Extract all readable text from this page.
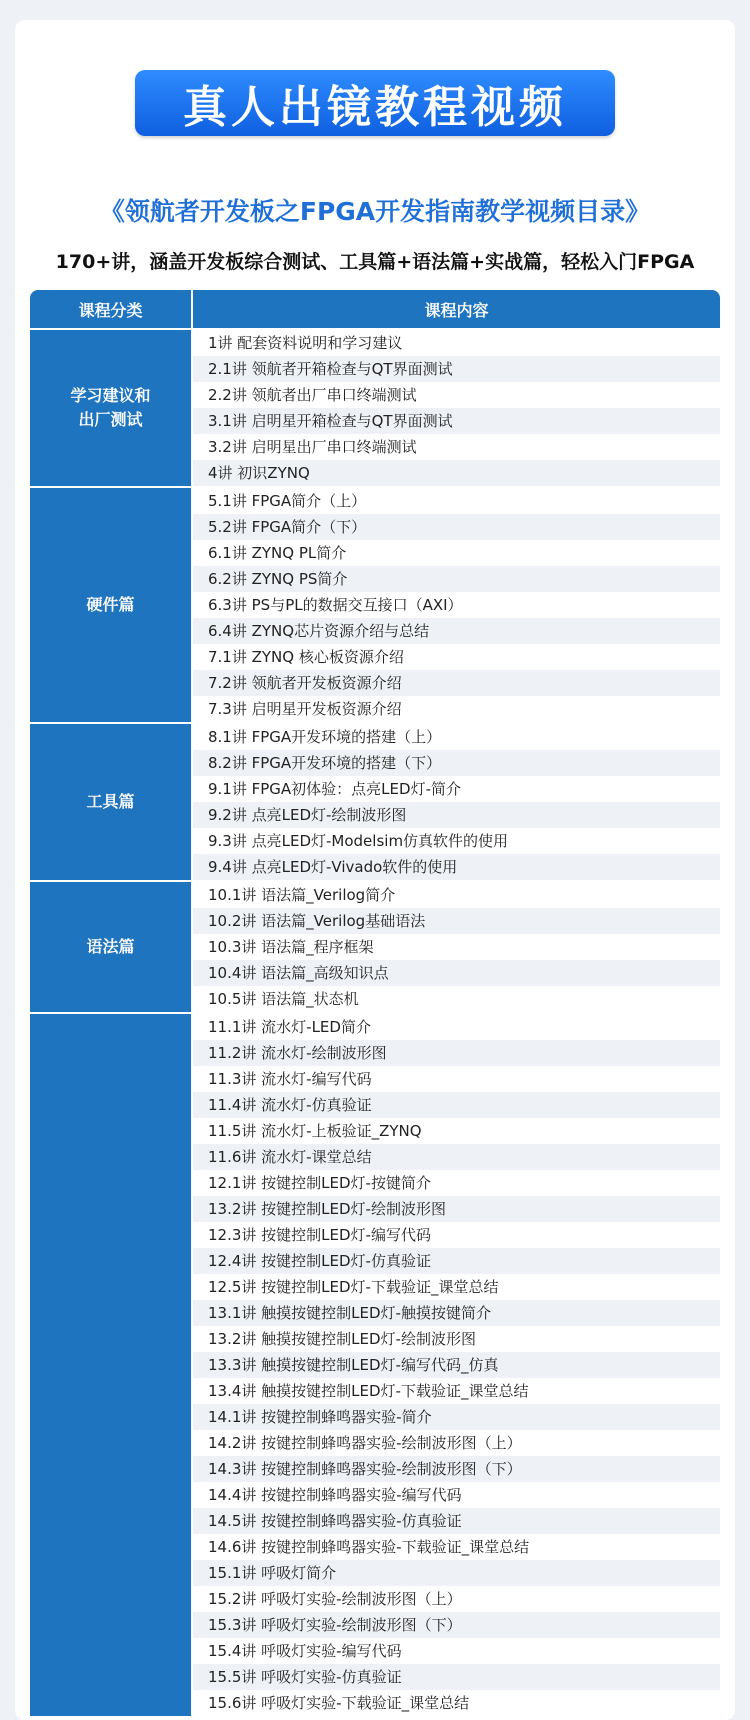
真人出镜教程视频
《领航者开发板之FPGA开发指南教学视频目录》
170+讲，涵盖开发板综合测试、工具篇+语法篇+实战篇，轻松入门FPGA
课程分类	课程内容
学习建议和
出厂测试
1讲 配套资料说明和学习建议
2.1讲 领航者开箱检查与QT界面测试
2.2讲 领航者出厂串口终端测试
3.1讲 启明星开箱检查与QT界面测试
3.2讲 启明星出厂串口终端测试
4讲 初识ZYNQ
硬件篇
5.1讲 FPGA简介（上）
5.2讲 FPGA简介（下）
6.1讲 ZYNQ PL简介
6.2讲 ZYNQ PS简介
6.3讲 PS与PL的数据交互接口（AXI）
6.4讲 ZYNQ芯片资源介绍与总结
7.1讲 ZYNQ 核心板资源介绍
7.2讲 领航者开发板资源介绍
7.3讲 启明星开发板资源介绍
工具篇
8.1讲 FPGA开发环境的搭建（上）
8.2讲 FPGA开发环境的搭建（下）
9.1讲 FPGA初体验：点亮LED灯-简介
9.2讲 点亮LED灯-绘制波形图
9.3讲 点亮LED灯-Modelsim仿真软件的使用
9.4讲 点亮LED灯-Vivado软件的使用
语法篇
10.1讲 语法篇_Verilog简介
10.2讲 语法篇_Verilog基础语法
10.3讲 语法篇_程序框架
10.4讲 语法篇_高级知识点
10.5讲 语法篇_状态机
11.1讲 流水灯-LED简介
11.2讲 流水灯-绘制波形图
11.3讲 流水灯-编写代码
11.4讲 流水灯-仿真验证
11.5讲 流水灯-上板验证_ZYNQ
11.6讲 流水灯-课堂总结
12.1讲 按键控制LED灯-按键简介
13.2讲 按键控制LED灯-绘制波形图
12.3讲 按键控制LED灯-编写代码
12.4讲 按键控制LED灯-仿真验证
12.5讲 按键控制LED灯-下载验证_课堂总结
13.1讲 触摸按键控制LED灯-触摸按键简介
13.2讲 触摸按键控制LED灯-绘制波形图
13.3讲 触摸按键控制LED灯-编写代码_仿真
13.4讲 触摸按键控制LED灯-下载验证_课堂总结
14.1讲 按键控制蜂鸣器实验-简介
14.2讲 按键控制蜂鸣器实验-绘制波形图（上）
14.3讲 按键控制蜂鸣器实验-绘制波形图（下）
14.4讲 按键控制蜂鸣器实验-编写代码
14.5讲 按键控制蜂鸣器实验-仿真验证
14.6讲 按键控制蜂鸣器实验-下载验证_课堂总结
15.1讲 呼吸灯简介
15.2讲 呼吸灯实验-绘制波形图（上）
15.3讲 呼吸灯实验-绘制波形图（下）
15.4讲 呼吸灯实验-编写代码
15.5讲 呼吸灯实验-仿真验证
15.6讲 呼吸灯实验-下载验证_课堂总结
